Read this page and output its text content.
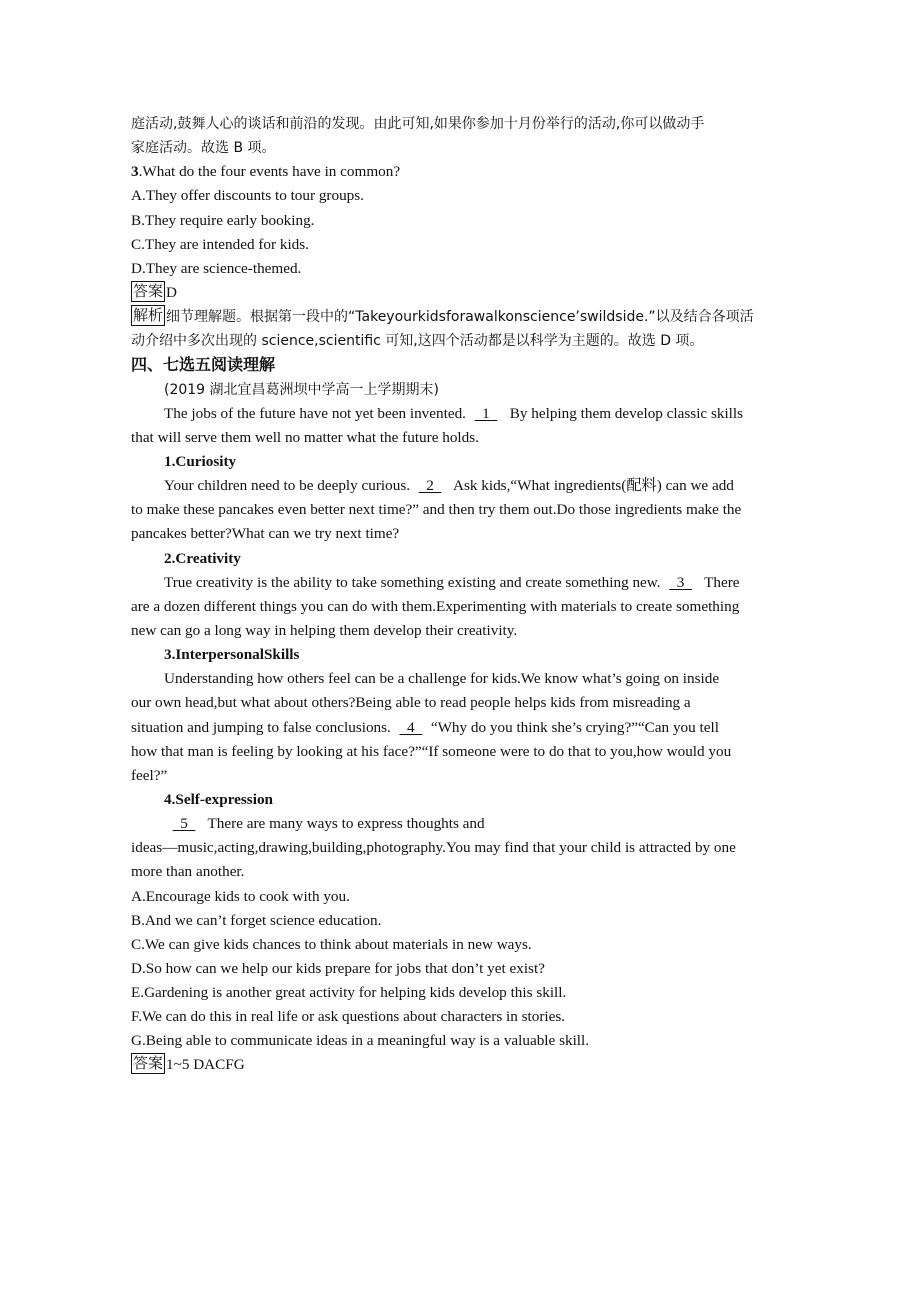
庭活动,鼓舞人心的谈话和前沿的发现。由此可知,如果你参加十月份举行的活动,你可以做动手
家庭活动。故选 B 项。
3.What do the four events have in common?
A.They offer discounts to tour groups.
B.They require early booking.
C.They are intended for kids.
D.They are science-themed.
答案 D
解析 细节理解题。根据第一段中的“Takeyourkidsforawalkonscience’swildside.”以及结合各项活
动介绍中多次出现的 science,scientific 可知,这四个活动都是以科学为主题的。故选 D 项。
四、七选五阅读理解
(2019 湖北宜昌葛洲坝中学高一上学期期末)
The jobs of the future have not yet been invented.  1   By helping them develop classic skills
that will serve them well no matter what the future holds.
1.Curiosity
Your children need to be deeply curious.  2   Ask kids,“What ingredients(配料) can we add
to make these pancakes even better next time?” and then try them out.Do those ingredients make the
pancakes better?What can we try next time?
2.Creativity
True creativity is the ability to take something existing and create something new.  3   There
are a dozen different things you can do with them.Experimenting with materials to create something
new can go a long way in helping them develop their creativity.
3.InterpersonalSkills
Understanding how others feel can be a challenge for kids.We know what’s going on inside
our own head,but what about others?Being able to read people helps kids from misreading a
situation and jumping to false conclusions.  4  “Why do you think she’s crying?”“Can you tell
how that man is feeling by looking at his face?”“If someone were to do that to you,how would you
feel?”
4.Self-expression
5   There are many ways to express thoughts and
ideas—music,acting,drawing,building,photography.You may find that your child is attracted by one
more than another.
A.Encourage kids to cook with you.
B.And we can’t forget science education.
C.We can give kids chances to think about materials in new ways.
D.So how can we help our kids prepare for jobs that don’t yet exist?
E.Gardening is another great activity for helping kids develop this skill.
F.We can do this in real life or ask questions about characters in stories.
G.Being able to communicate ideas in a meaningful way is a valuable skill.
答案 1~5 DACFG
